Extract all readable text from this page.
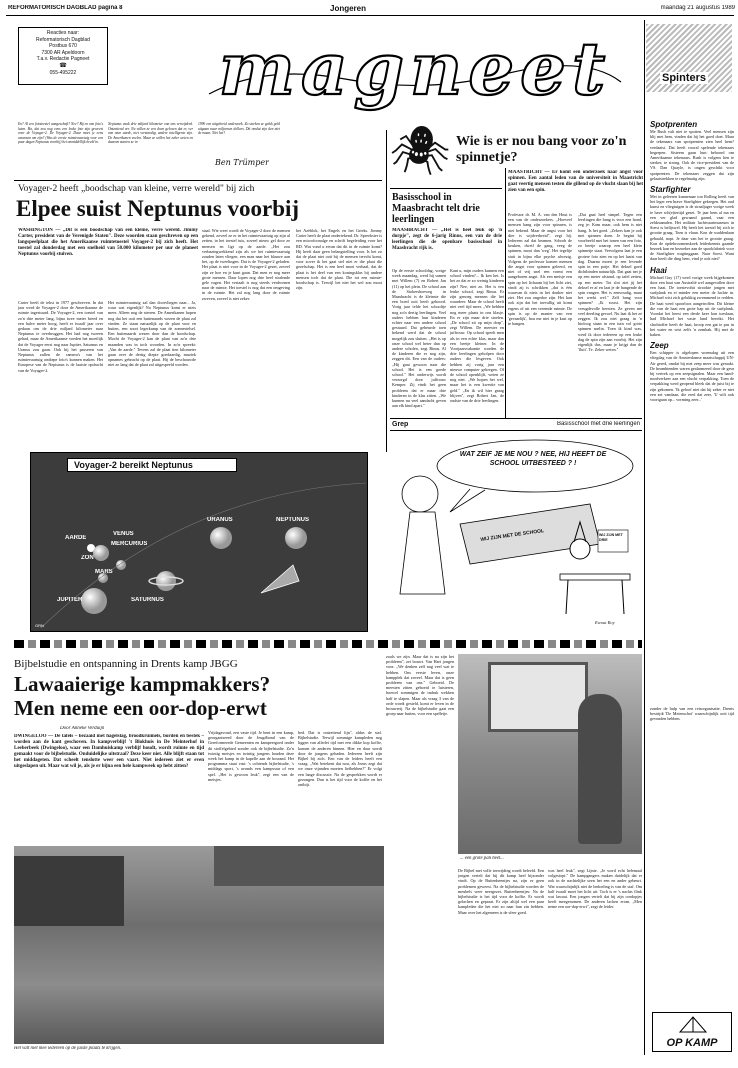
REFORMATORISCH DAGBLAD pagina 8	Jongeren	maandag 21 augustus 1989
Reacties naar:
Reformatorisch Dagblad
Postbus 670
7300 AR Apeldoorn
T.a.v. Redactie Pagneet
☎
055-495222	magneet	Spinters
En? Al een fototoestel aangeschaft? Nee? Bij en van foto's laten. Ha, dat zou nog eens een leuke foto zijn geweest voor de Voyager-2. De Voyager-2. Daar moet je eens waaraan om zijn? (Was de eerste ruimtevaartuig voor een paar dagen Neptunus voorbij) het onmiddellijk beeld in.
Neptunus vaak drie miljard kilometer van ons verwijderd. Ontzettend ver. Nu willen ze een doen geloven dat er, ver van onze aarde, niet verstandig, andere intelligente zijn. De Amerikanen voelen. Maar ze willen het zeker weten en daarom starten ze in
1990 een uitgebreid onderzoek. Zo steeken ze geluk geld uitgaan naar miljoenen dollars. Dit omdat zijn den niet de maan. Niet het?
Ben Trümper
Voyager-2 heeft „boodschap van kleine, verre wereld" bij zich
Elpee suist Neptunus voorbij
WASHINGTON — „Dit is een boodschap van een kleine, verre wereld. Jimmy Carter, president van de Verenigde Staten". Deze woorden staan geschreven op een langspeelplaat die het Amerikaanse ruimtetoestel Voyager-2 bij zich heeft. Het toestel zal donderdag met een snelheid van 50.000 kilometer per uur de planeet Neptunus voorbij stuiven.
Carter heeft de tekst in 1977 geschreven. In dat jaar werd de Voyager-2 door de Amerikaanse de ruimte ingestuurd. De Voyager-2, een toestel van zo'n drie meter lang, bijna twee meter breed en een halve meter hoog, heeft er twaalf jaar over gedaan om de drie miljard kilometer naar Neptunus te overbruggen. Het had nog tweeen gehad, maar de Amerikaanse voeden het moeilijk dat de Voyager eerst nog naar Jupiter, Saturnus en Uranus zou gaan. Ook bij het passeren van Neptunus zullen de camera's van het ruimtevaartuig ondiepe foto's kunnen maken. Het Europese van de Neptunus is de laatste opdracht van de Voyager-2.
Het ruimtevaartuig zal dan doorvliegen naar... Ja, waar wat eigenlijk? Na Neptunus komt er niets meer. Alleen nog de sterren. De Amerikanen hopen nog dat het ooit een buitenaards wezen de plaat zal vinden. Ze staan natuurlijk op de plaat voor en buiten, een soort legerkamp van de zonnestelsel. Een buitenaards wezen door dan de boodschap. Mocht de Voyager-2 kan de plaat van zo'n drie maanden was in toch woorden. In zo'n spreekt: „Van de aarde." Tevens zal de plaat tien kilometer gaan over de dertig diepte goedaardig, muziek opnames gebracht op de plaat. Hij de beschouwde niet zo lang dat de plaat zal uitgespeeld worden.
staal. Wie weet wordt de Voyager-2 door de mensen gekend, zoveel ze er in het ruimtevaartuig op zijn al zetten, in het toestel tuis, zoveel nieuw gel door ze mensen en ligt op de aarde. „Het zou verbazingwekkend zijn als we het ruimtevaartuig zouden laten vliegen, een man naar het blauwe aan het, op de tweelingen. Dat is de Voyager-2 geladen. Het plaat is niet voor in de Voyager-2 gezet, zoveel zijn ze hoe en je kunt gaan. Dat men er nog meer grote mensen. Daar lopen nog drie heel stralende gele vagen. Het vertaalt is nog steeds verdwenen naar de ruimte. Het toestel is nog dat een omgeving in de ruimte. Het zal nog lang door de ruimte zweven, zoveel is niet zeker.
het Azëblok, het Engels en het Grieks. Jimmy Carter heeft de plaat ondertekend. Dr. Spreekster is een microfoonalge en schrift begeleiding voor het RD. Wat vond u ervan dat dit in de ruimte komt? Hij heeft daar geen belangstelling voor. Is het zo dat de plaat niet ooit bij de mensen terecht komt, voor zover ik het gaat stel niet er die plaat die gezelschap. Het is een heel mooi verhaal, dat de plaat is het deel van een koningsklas bij andere mensen toch dat de plaat. Die tot een ruimte-boodschap is. Terwijl het niet het wel zou mooi zijn.
Voyager-2 bereikt Neptunus
URANUS	NEPTUNUS
AARDE
VENUS
MERCURIUS
ZON
MARS
JUPITER	SATURNUS
GRN
🕷 Wie is er nou bang voor zo'n spinnetje?
MAASTRICHT — Er komt een onderzoek naar angst voor spinnen. Een aantal leden van de universiteit in Maastricht gaat veertig mensen testen die gillend op de vlucht slaan bij het zien van een spin.
Professor dr. M. A. van den Hout is een van de onderzoekers. „Hoeveel mensen bang zijn voor spinnen, is niet bekend. Maar de angst voor het dier is wijdverbreid", zegt hij. Iedereen zal dat beamen. Schrob de keuken, dweil de gang, veeg de spinnen, mooi dan 'weg'. Het tegelije stuit in bijna elke psyche afwezig. Volgens de professor komen mensen die angst voor spinnen geleerd, en niet of vrij snel een vormt een aangeboren angst. Als een meisje een spin op het lichaam bij het licht ziet, vindt zij is schrikken ,,dat is één waarvan ik niets in het donker niet ziet. Het zou ongedoe zijn. Het kan ook zijn dat het toevallig uit komt ergens of uit een vreemde ruimte. De spin is op de manier van een 'gevaarlijk', hou me niet in je kast op te hangen.
„Dat gaat heel simpel. Tegen een leerlingen die bang is voor een hond, zeg je: Kom maar, ook hem is niet bang, Is het goed. „Zekers kan je ook met spinnen doen. Je begint bij voorbeeld met het tonen van een foto, zo beetje waarop een heel klein spinnetje staat. Vervolgens laat je een grotere foto zien en op het laatst van dag. Daarna moest je een levende spin in een potje. Het deksel goed dichtbinden natuurlijk. Dat gaat net je op een meter afstand, op tafel zetten, op een meter. Tot slot ziet jij het deksel er af en laat je de hangende de spin vangen. Het is eenvoudig, maar het werkt wel." Zelf bang voor spinnen? „Ik ssssst. Het zijn vreugdevolle beesten. Ze geven me veel deerling gevoel. Nu laat ik het ze zeggen. Ik zou niet graag in 'n bioloog staan in een tuin vol grote spinnen snelin. Toen ik kind was, werd ik door iedereen op een leuke dag de spin zijn aan voorbij. Het zijn eigenlijk dus, maar je krijgt dan de 'fluit'. Te. Zeker weten."
Basisschool in Maasbracht telt drie leerlingen
MAASBRACHT — „Het is heel leuk op 'n dorpje", zegt de 6-jarig Rinus, een van de drie leerlingen die de openbare basisschool in Maasbracht rijk is.
Op de eerste schooldag, vorige week maandag, werd hij samen met Willem (7) en Robert Jan (11) op het plein. De school aan de Stokershoeweg in Maasbracht is de kleinste die een hoed ooit heeft gehoord. Vorig jaar telde het schooltje nog zo'n dertig leerlingen. Veel ouders hebben hun kinderen echter naar een andere school gestuurd. Dat gebeurde toen bekend werd dat de school mogelijk zou sluiten. „Het is op onze school wel beter dan op andere scholen, zegt Rinus. Al de kinderen die er nog zijn, zeggen dit. Een van de ouders: „Hij gaat gewoon naar die school. Het is een goede school." Het onderwijs wordt verzorgd door juffrouw Kemper. Zij vindt het geen probleem dat er maar drie kinderen in de klas zitten. „We kunnen nu veel aandacht geven aan elk kind apart."
Kant u, mijn ouders kunnen een school vinden?... Ik ken het. Is het zo dat er zo weinig kinderen zijn? Nee, niet zo. Het is een leuke school, zegt Rinus. Er zijn genoeg mensen die het waardeer. Maar de school heeft niet veel tijd meer. „We hebben nog meer plaats in ons klasje. En er zijn maar drie stoelen. „De school zit op mijn dorp", zegt Willem. De meester en juffrouw. Op school speelt men als in een echte klas, maar dan een beetje kleiner. In de Voorjaarsvakantie worden de drie leerlingen geholpen door ouders die lesgeven. Ook hebben zij vorig jaar een nieuwe computer gekregen. Of de school openblijft, weten ze nog niet. „We hopen het wel, maar het is een kwestie van geld." „En ik wil hier graag blijven", zegt Robert Jan, de oudste van de drie leerlingen.
Grep	Basisschool met drie leerlingen
WAT ZEIF JE ME NOU ? NEE, HIJ HEEFT DE SCHOOL UITBESTEED ? !
WIJ ZIJN MET DE SCHOOL	WIJ ZIJN MET DRIE
Ewout Roy
Bijbelstudie en ontspanning in Drents kamp JBGG
Lawaaierige kampmakkers?
Men neme een oor-dop-erwt
Door Anneke Verduijn
DWINGELOO — De tafels – bezaaid met hagelslag, broodkruimels, borden en bestek – worden aan de kant geschoven. In kampverblijf 't Blokhuis in De Meinterhof in Leeberbeek (Dwingeloo), waar een Damhuiskamp verblijf houdt, wordt ruimte en tijd gemaakt voor de bijbelstudie. Onduidelijke uitstraal? Deze keer niet. Alle blijft staan tot het middageten. Dat scheelt tenslotte weer een vaart. Niet iedereen ziet er even uitgeslapen uit. Maar wat wil je, als je er bijna een hele kampweek op hebt zitten?
Vrijdagavond, een vaste tijd. Je bent in een kamp, georganiseerd door de Jeugdbond van de Gereformeerde Gemeenten en kampeergoed onder dit stoffelgebied zonder ook de bijbelstudie. Zo'n twintig meisjes en twintig jongens houden deze week het kamp in de kapelle aan de bosrand. Het programma staat vast: 's ochtends bijbelstudie, 's middags sport, 's avonds een kampvuur of een spel. „Het is gewoon leuk", zegt een van de meisjes.
bed. Dat is ontzettend fijn", aldus de staf. Bijbelstudie. Terwijl sommige kampleden nog liggen van allerlei tijd met een dikke kop koffie, komen de anderen binnen. Hier en daar wordt door de jongens gebaden. Iedereen heeft zijn Bijbel bij zich. Een van de leiders heeft een vraag: „Wat betekent dat nou, als Jezus zegt dat we onze vijanden moeten liefhebben?" Er volgt een lange discussie. Na de gesprekken wordt er gezongen. Dan is het tijd voor de koffie en het ontbijt.
zoals we zijn. Maar dat is na zijn het probleem", zei bouwt. Van Hart jongen voor. „We denken zelf nog veel wat te hebben. Ons eerste leven, onze kampplek dat zoveel. Maar dat is geen probleem van ons." Geboeid. De meesten zitten geboeid te luisteren, hoewel sommigen de indruk wekken half te slapen. Maar als vraag 3 van de orde wordt gesteld, komt er leven in de brouwerij. Na de bijbelstudie gaat een groep naar buiten, voor een spelletje.
De Bijbel met volle toewijding wordt beleefd. Een jongen vertelt dat hij dit kamp heel bijzonder vindt. Op de Buitenbeentjes na, zijn er geen problemen geweest. Na de bijbelstudie worden de meubels weer neergezet. Buitenbeentjes: Na de bijbelstudie is het tijd voor de koffie. Er wordt gelachen en gepraat. Er zijn altijd wel een paar kampleden die het niet zo naar hun zin hebben. Maar over het algemeen is de sfeer goed.
was heel leuk", zegt Lijnie. „Je word echt helemaal volgestopt." De kampgangers maken duidelijk dat er ook in de nachtelijke uren het een en ander gebeurt. Wat waarschijnlijk niet de bedoeling is van de staf. Om half twaalf moet het licht uit. Toch is er 's nachts flink wat lawaai. Een jongen vertelt dat hij zijn oordopjes heeft meegenomen. De anderen lachen erom. „Men neme een oor-dop-erwt", zegt de leider.
Het valt niet mee iedereen op de juiste plaats te krijgen.
... een grote pan heet...
Spotprenten
Me Bush valt niet te spotten. Veel mensen zijn blij met hem, vinden dat hij het goed doet. Maar de tekenaars van spotprenten zien heel hem? verdaatst. Dat heeft vooral spelende tekenaars begrepen. Sisteem gaan hun behoord om Amerikaanse tekenaars. Bush is volgens hen te sterker, te strong. Ook de vice-president van de VS. Dan Quayle, is ongen geschikt voor spotprenten. De tekenaars zeggen dat zijn gelaatstrekken te regelmatig zijn.
Starfighter
Met in geleeren kunnenaar ton Rolling heeft van het leger een brave Starfighter gekregen. Het oud kunst en vliegtuigen is de straaljager vorige week te have sch(e)tertijd gezet. Te jaar hem al ma en een ver glad gewaand gaand, vaar een zeldzaamden. Het militair luchtvaartmuseum in Soest is belijswel. Hij heeft het toestel bij zich te grootte graag. Toen is vlaan. Kon de waddenlaan gehaald, nopt. Je daar van het te grootte graag. Kon de opdebroomenskoek leiderkennis gaande bezoek kan en bezoeker aan de spookfabriek voor de Starfighter wagtinggaan. Naar Soest. Want daar heeft die ding hem, vind je ook niet?
Haai
Michael Guy (17) werd vorige week bijgekomen door een haai van Australië wel aangevallen door een haai. De toestevohtt strookte jongen met surfplank en ei minder een meter de luchte in. Michael wist zich gelukkig zwemmend te redden. De haai werd spoorloos aangetroffen. Dit kleine die van de haai een grote hap uit de surfplank. Voordat het beest een derde keer kon toeslaan, had Michael het vaste land bereikt. Het slachtoffer heeft de haai, kroop een gat te pas in het water en wist zelfs 'n zombak. Hij met de kaken.
Zeep
Een schipper is afgelopen woensdag uit een vliegdag van de Amsterdamse maatschappij UN-Air gered, omdat hij met zeep meer was geraakt. De beambtenden waren gealarmeerd door de geur bij vertrek op een zeepsignalen. Maar een hand-noodverkeer aan een vlucht verpakking. Toen de verpakking werd geopend bleek dat de juist bij te zijn gekomen. 'Ik geloof niet dat hij zeker er niet een zet vandaan, die reed dat zeer, 'U wilt ook voortgaan op... vorming zeer...'
zonder de hulp van een reisorganisatie. Drents bestrijdt 'De Meienschot' waarschijnlijk ooit tijd gevonden hebben.
OP KAMP
